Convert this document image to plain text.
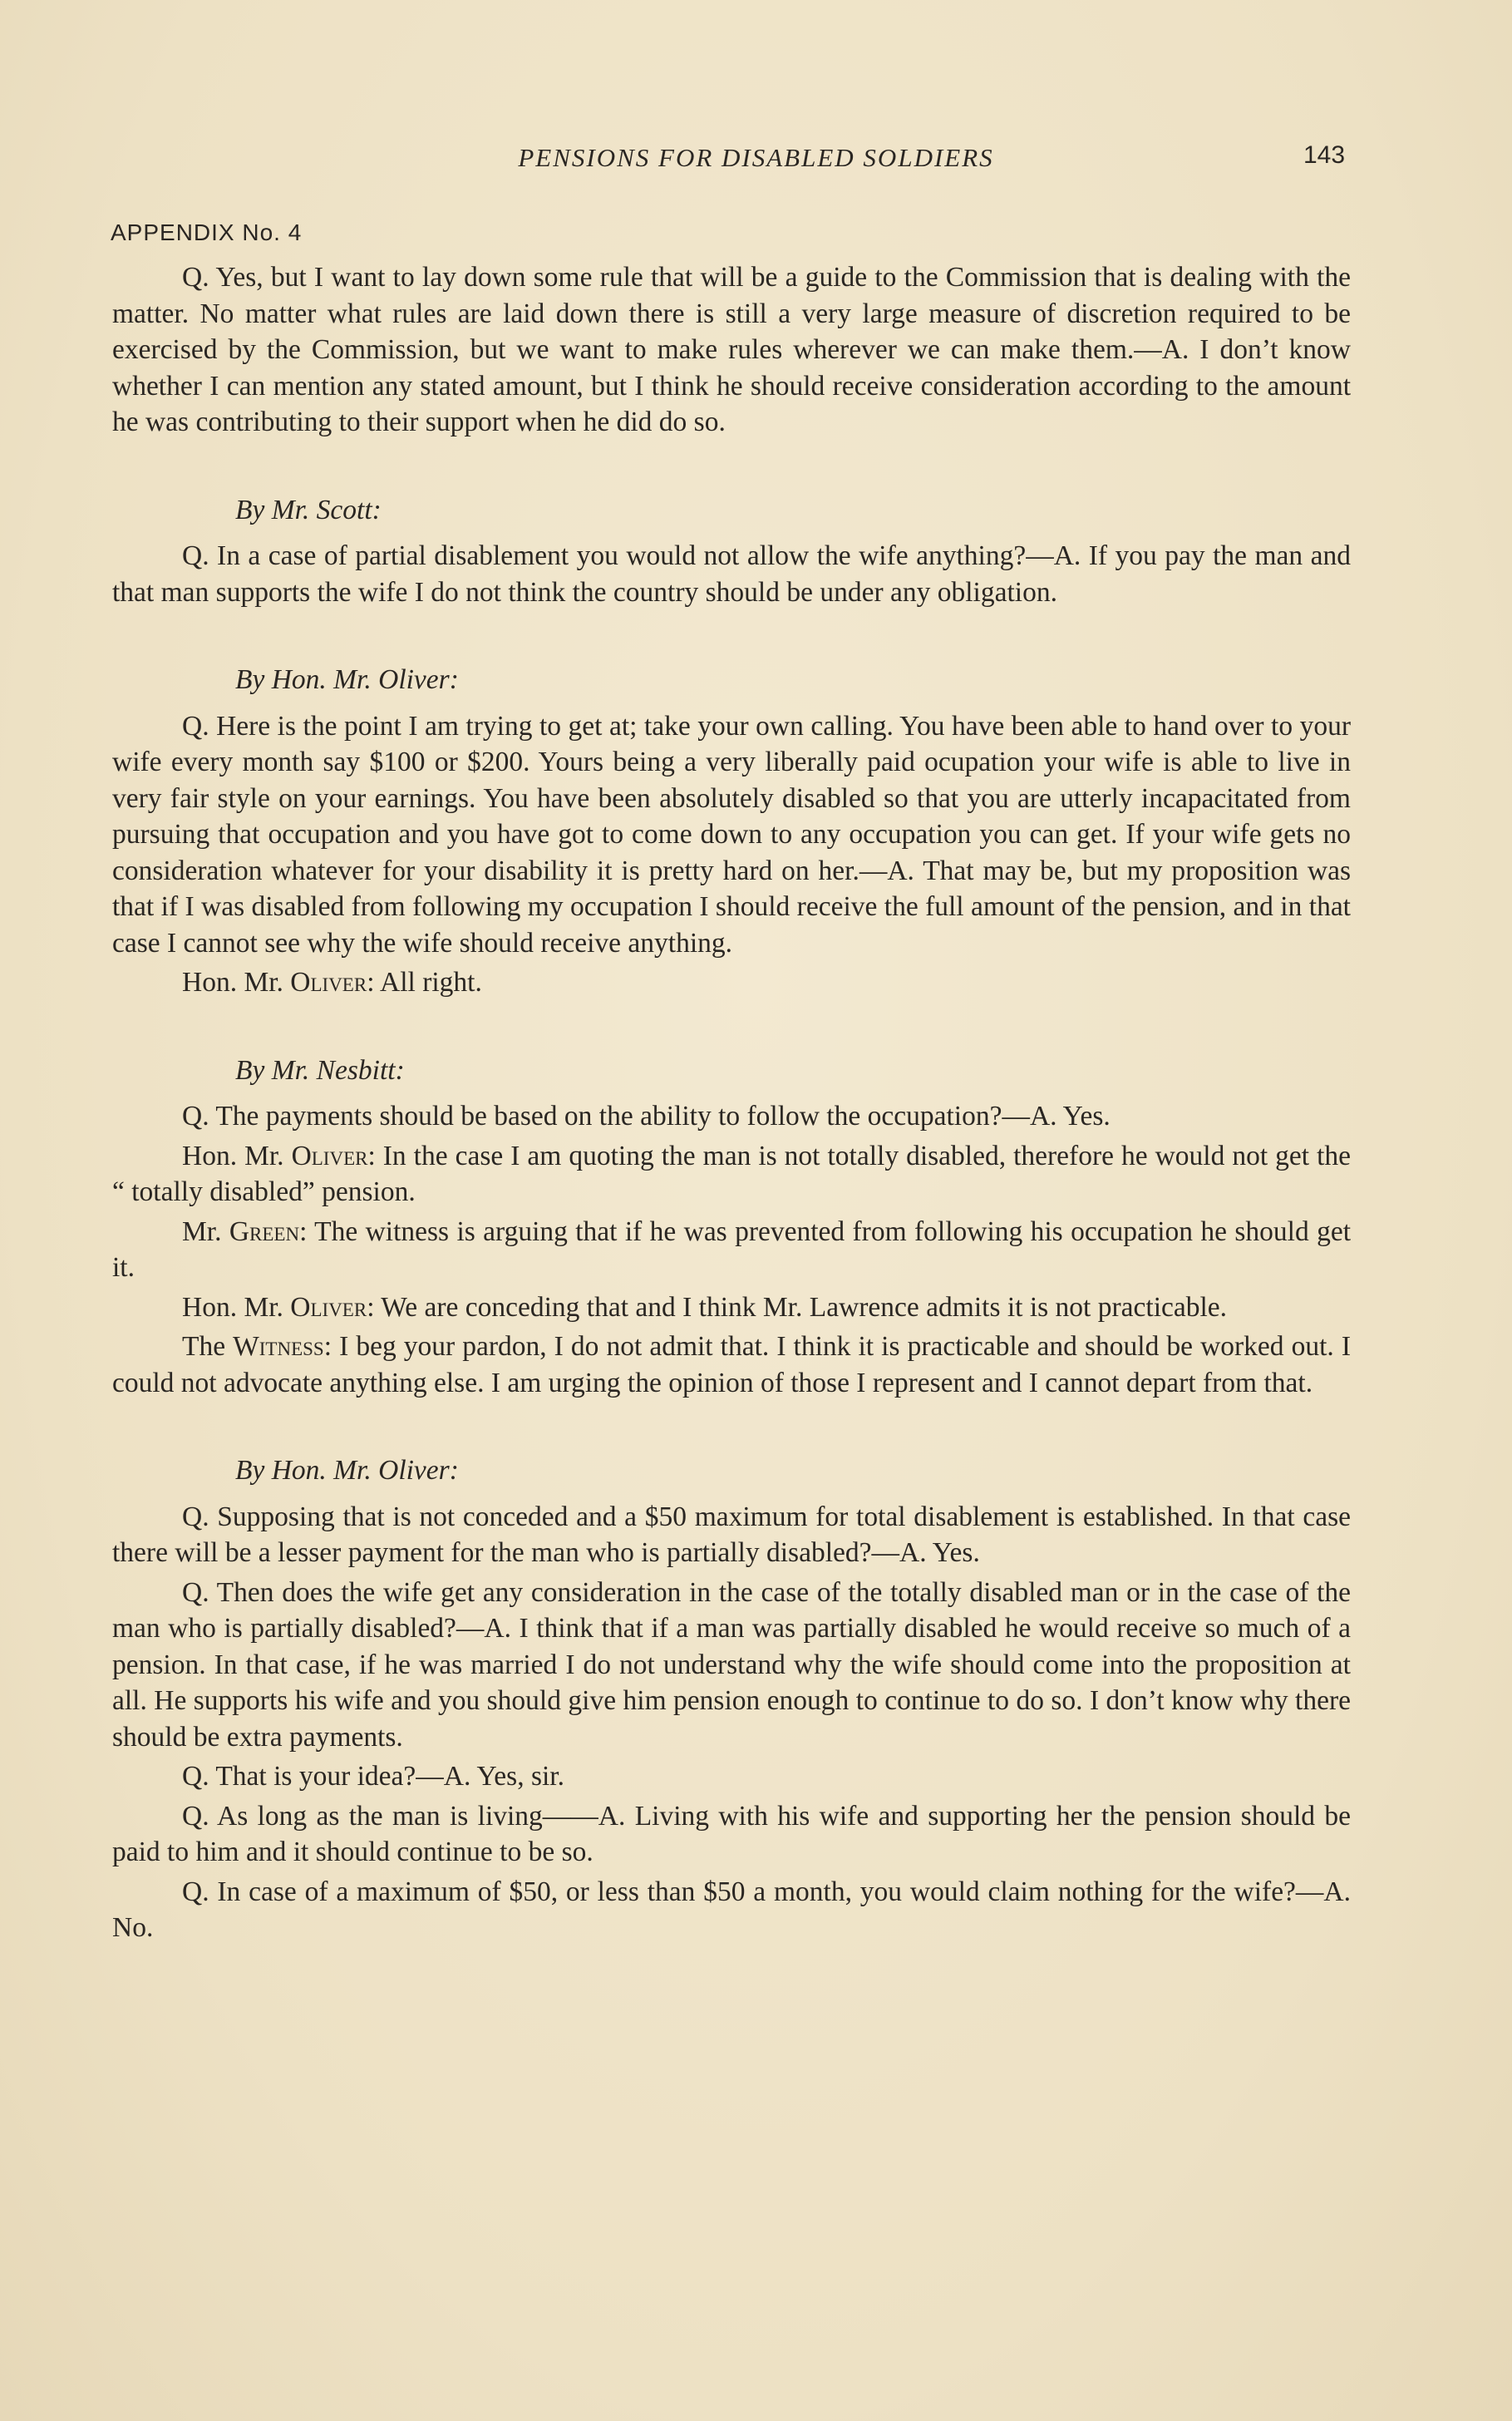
PENSIONS FOR DISABLED SOLDIERS	143
APPENDIX No. 4

Q. Yes, but I want to lay down some rule that will be a guide to the Commission that is dealing with the matter. No matter what rules are laid down there is still a very large measure of discretion required to be exercised by the Commission, but we want to make rules wherever we can make them.—A. I don’t know whether I can mention any stated amount, but I think he should receive consideration according to the amount he was contributing to their support when he did do so.

By Mr. Scott:

Q. In a case of partial disablement you would not allow the wife anything?—A. If you pay the man and that man supports the wife I do not think the country should be under any obligation.

By Hon. Mr. Oliver:

Q. Here is the point I am trying to get at; take your own calling. You have been able to hand over to your wife every month say $100 or $200. Yours being a very liberally paid ocupation your wife is able to live in very fair style on your earnings. You have been absolutely disabled so that you are utterly incapacitated from pursuing that occupation and you have got to come down to any occupation you can get. If your wife gets no consideration whatever for your disability it is pretty hard on her.—A. That may be, but my proposition was that if I was disabled from following my occupation I should receive the full amount of the pension, and in that case I cannot see why the wife should receive anything.

Hon. Mr. Oliver: All right.

By Mr. Nesbitt:

Q. The payments should be based on the ability to follow the occupation?—A. Yes.

Hon. Mr. Oliver: In the case I am quoting the man is not totally disabled, therefore he would not get the “ totally disabled” pension.

Mr. Green: The witness is arguing that if he was prevented from following his occupation he should get it.

Hon. Mr. Oliver: We are conceding that and I think Mr. Lawrence admits it is not practicable.

The Witness: I beg your pardon, I do not admit that. I think it is practicable and should be worked out. I could not advocate anything else. I am urging the opinion of those I represent and I cannot depart from that.

By Hon. Mr. Oliver:

Q. Supposing that is not conceded and a $50 maximum for total disablement is established. In that case there will be a lesser payment for the man who is partially disabled?—A. Yes.

Q. Then does the wife get any consideration in the case of the totally disabled man or in the case of the man who is partially disabled?—A. I think that if a man was partially disabled he would receive so much of a pension. In that case, if he was married I do not understand why the wife should come into the proposition at all. He supports his wife and you should give him pension enough to continue to do so. I don’t know why there should be extra payments.

Q. That is your idea?—A. Yes, sir.

Q. As long as the man is living——A. Living with his wife and supporting her the pension should be paid to him and it should continue to be so.

Q. In case of a maximum of $50, or less than $50 a month, you would claim nothing for the wife?—A. No.
